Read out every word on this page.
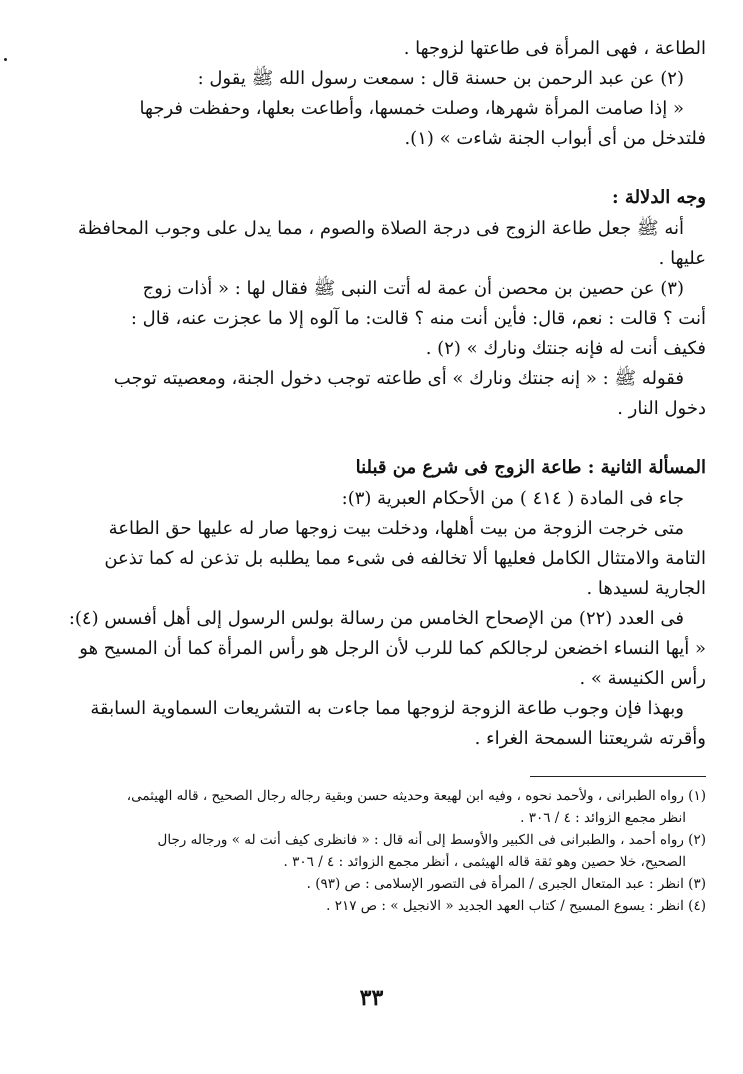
الطاعة ، فهى المرأة فى طاعتها لزوجها .

(٢) عن عبد الرحمن بن حسنة قال : سمعت رسول الله ﷺ يقول :

« إذا صامت المرأة شهرها، وصلت خمسها، وأطاعت بعلها، وحفظت فرجها

فلتدخل من أى أبواب الجنة شاءت » (١).

وجه الدلالة :

أنه ﷺ جعل طاعة الزوج فى درجة الصلاة والصوم ، مما يدل على وجوب المحافظة

عليها .

(٣) عن حصين بن محصن أن عمة له أتت النبى ﷺ فقال لها : « أذات زوج

أنت ؟ قالت : نعم، قال: فأين أنت منه ؟ قالت: ما آلوه إلا ما عجزت عنه، قال :

فكيف أنت له فإنه جنتك ونارك » (٢) .

فقوله ﷺ : « إنه جنتك ونارك » أى طاعته توجب دخول الجنة، ومعصيته توجب

دخول النار .

المسألة الثانية : طاعة الزوج فى شرع من قبلنا

جاء فى المادة ( ٤١٤ ) من الأحكام العبرية (٣):

متى خرجت الزوجة من بيت أهلها، ودخلت بيت زوجها صار له عليها حق الطاعة

التامة والامتثال الكامل فعليها ألا تخالفه فى شىء مما يطلبه بل تذعن له كما تذعن

الجارية لسيدها .

فى العدد (٢٢) من الإصحاح الخامس من رسالة بولس الرسول إلى أهل أفسس (٤):

« أيها النساء اخضعن لرجالكم كما للرب لأن الرجل هو رأس المرأة كما أن المسيح هو

رأس الكنيسة » .

وبهذا فإن وجوب طاعة الزوجة لزوجها مما جاءت به التشريعات السماوية السابقة

وأقرته شريعتنا السمحة الغراء .

(١) رواه الطبرانى ، ولأحمد نحوه ، وفيه ابن لهيعة وحديثه حسن وبقية رجاله رجال الصحيح ، قاله الهيثمى،

انظر مجمع الزوائد : ٤ / ٣٠٦ .

(٢) رواه أحمد ، والطبرانى فى الكبير والأوسط إلى أنه قال : « فانظرى كيف أنت له » ورجاله رجال

الصحيح، خلا حصين وهو ثقة قاله الهيثمى ، أنظر مجمع الزوائد : ٤ / ٣٠٦ .

(٣) انظر : عبد المتعال الجبرى / المرأة فى التصور الإسلامى : ص (٩٣) .

(٤) انظر : يسوع المسيح / كتاب العهد الجديد « الانجيل » : ص ٢١٧ .

٣٣
